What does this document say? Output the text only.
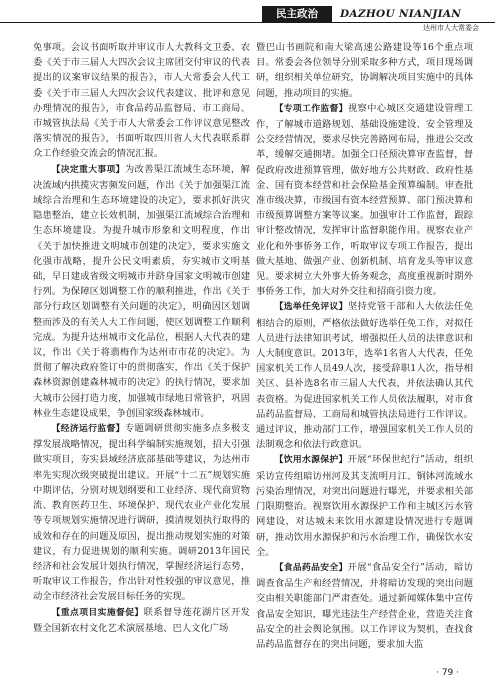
民主政治	DAZHOU NIANJIAN
达州市人大常委会

免事项。会议书面听取并审议市人大教科文卫委、农委《关于市三届人大四次会议主席团交付审议的代表提出的议案审议结果的报告》，市人大常委会人代工委《关于市三届人大四次会议代表建议、批评和意见办理情况的报告》，市食品药品监督局、市工商局、市城管执法局《关于市人大常委会工作评议意见整改落实情况的报告》，书面听取四川省人大代表联系群众工作经验交流会的情况汇报。

【决定重大事项】为改善渠江流域生态环境，解决流域内拱揽灾害频发问题，作出《关于加强渠江流域综合治理和生态环境建设的决定》，要求抓好洪灾隐患整治，建立长效机制，加强渠江流域综合治理和生态环境建设。为提升城市形象和文明程度，作出《关于加快推进文明城市创建的决定》，要求实施文化强市战略，提升公民文明素质，夯实城市文明基础，早日建成省级文明城市并跻身国家文明城市创建行列。为保障区划调整工作的顺利推进，作出《关于部分行政区划调整有关问题的决定》，明确因区划调整而涉及的有关人大工作问题，使区划调整工作顺利完成。为提升达州城市文化品位，根据人大代表的建议，作出《关于将翡梅作为达州市市花的决定》。为贯彻了解决政府签订中的贯彻落实，作出《关于保护森林资源创建森林城市的决定》的执行情况，要求加大城市公园打造力度，加强城市绿地日常管护，巩固林业生态建设成果，争创国家级森林城市。

【经济运行监督】专题调研贯彻实施多点多极支撑发展战略情况，提出科学编制实施规划，招大引强做实项目，夯实县域经济底部基础等建议，为达州市率先实现次级突破提出建议。开展“十二五”规划实施中期评估，分别对规划纲要和工业经济、现代商贸物流、教育医药卫生、环境保护、现代农业产业化发展等专项规划实施情况进行调研，摸清规划执行取得的成效和存在的问题及原因，提出推动规划实施的对策建议，有力促进规划的顺利实施。调研2013年国民经济和社会发展计划执行情况，掌握经济运行态势，听取审议工作报告，作出针对性较强的审议意见，推动全市经济社会发展目标任务的实现。

【重点项目实施督促】联系督导莲花湖片区开发暨全国新农村文化艺术演展基地、巴人文化广场

暨巴山书画院和南大梁高速公路建设等16个重点项目。常委会各位领导分别采取多种方式，项目现场调研，组织相关单位研究，协调解决项目实施中的具体问题，推动项目的实施。

【专项工作监督】视察中心城区交通建设管理工作，了解城市道路规划、基础设施建设、安全管理及公交经营情况，要求尽快完善路网布局，推进公交改革，缓解交通拥堵。加强全口径预决算审查监督，督促政府改进预算管理，做好地方公共财政、政府性基金、国有资本经营和社会保险基金预算编制。审查批准市级决算，市级国有资本经营预算、部门预决算和市级预算调整方案等议案。加强审计工作监督，跟踪审计整改情况，发挥审计监督职能作用。视察农业产业化和外事侨务工作，听取审议专项工作报告，提出做大基地、做强产业、创新机制、培育龙头等审议意见。要求树立大外事大侨务观念，高度重视新时期外事侨务工作，加大对外交往和招商引资力度。

【选举任免评议】坚持党管干部和人大依法任免相结合的原则，严格依法做好选举任免工作，对拟任人员进行法律知识考试，增强拟任人员的法律意识和人大制度意识。2013年，选举1名省人大代表，任免国家机关工作人员49人次，接受辞职1人次，指导相关区、县补选8名市三届人大代表，并依法确认其代表资格。为促进国家机关工作人员依法履职，对市食品药品监督局、工商局和城管执法局进行工作评议。通过评议，推动部门工作，增强国家机关工作人员的法制观念和依法行政意识。

【饮用水源保护】开展“环保世纪行”活动，组织采访宣传组暗访州河及其支流明月江、铜钵河流域水污染治理情况，对突出问题进行曝光，并要求相关部门限期整治。视察饮用水源保护工作和主城区污水管网建设，对达城未来饮用水源建设情况进行专题调研，推动饮用水源保护和污水治理工作，确保饮水安全。

【食品药品安全】开展“食品安全行”活动，暗访调查食品生产和经营情况，并将暗访发现的突出问题交由相关职能部门严肃查处。通过新闻媒体集中宣传食品安全知识，曝光违法生产经营企业，营造关注食品安全的社会舆论氛围。以工作评议为契机，查找食品药品监督存在的突出问题，要求加大监

· 79 ·
